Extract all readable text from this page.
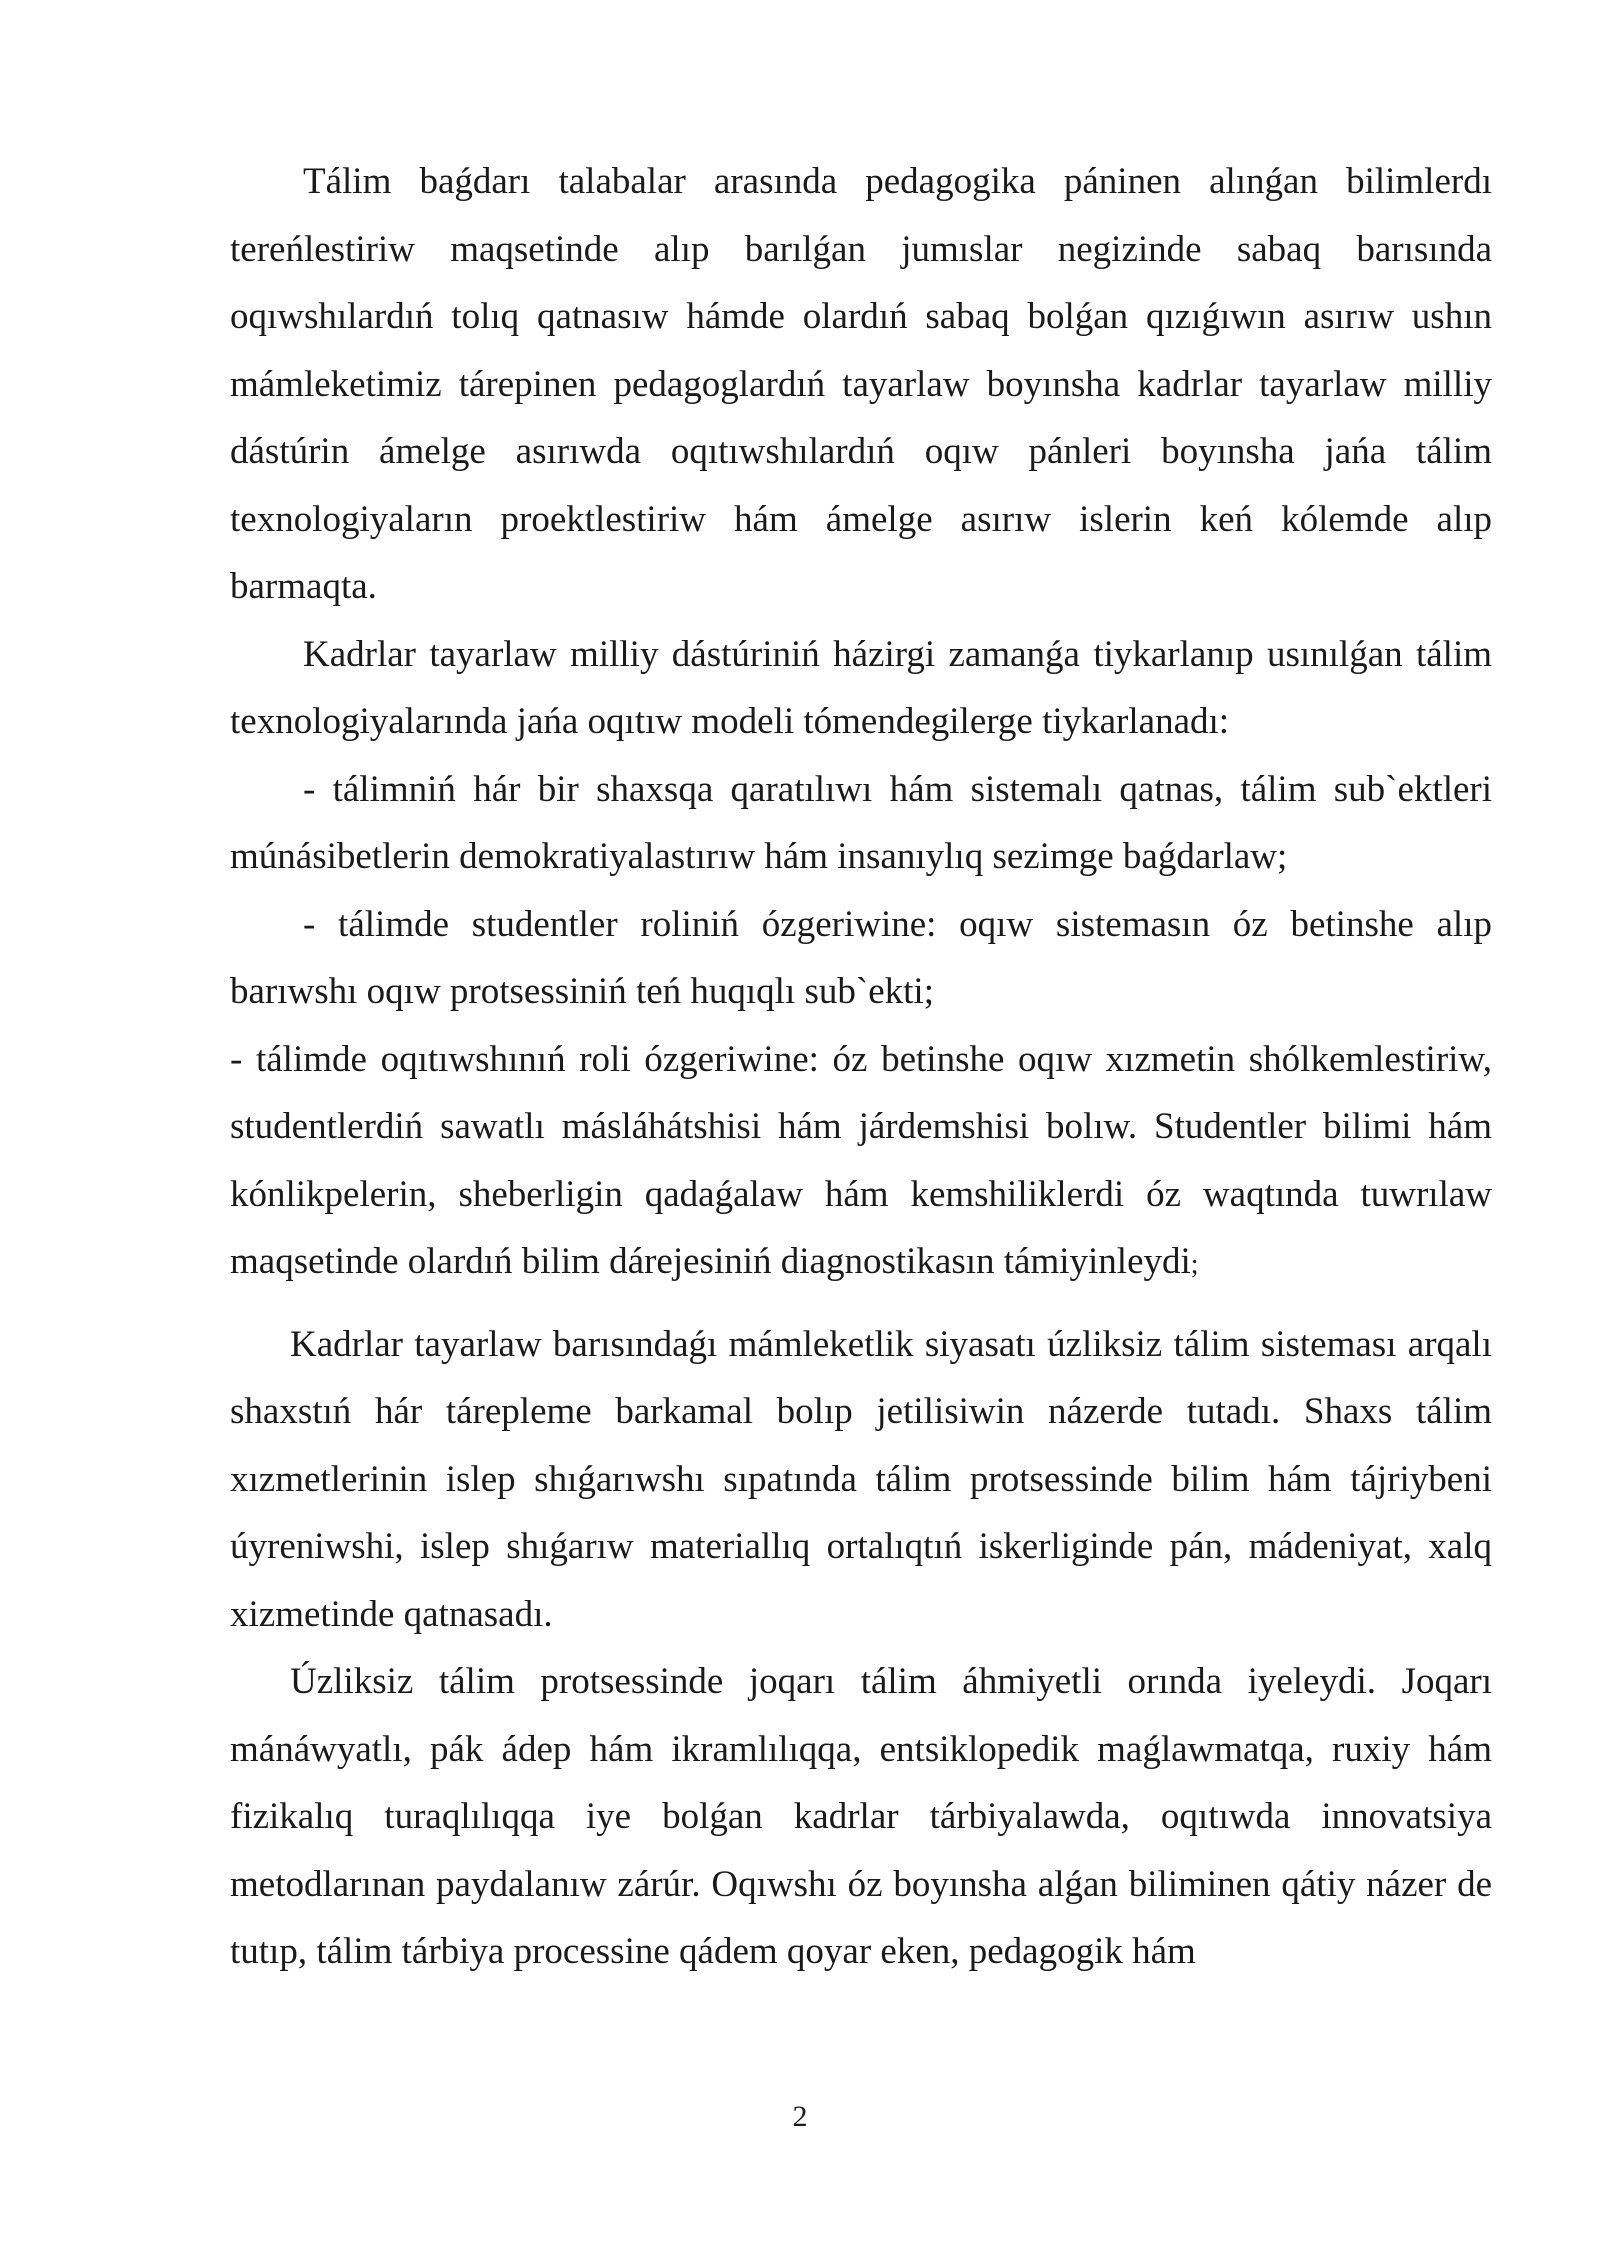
Tálim baǵdarı talabalar arasında pedagogika páninen alınǵan bilimlerdı tereńlestiriw maqsetinde alıp barılǵan jumıslar negizinde sabaq barısında oqıwshılardıń tolıq qatnasıw hámde olardıń sabaq bolǵan qızıǵıwın asırıw ushın mámleketimiz tárepinen pedagoglardıń tayarlaw boyınsha kadrlar tayarlaw milliy dástúrin ámelge asırıwda oqıtıwshılardıń oqıw pánleri boyınsha jańa tálim texnologiyaların proektlestiriw hám ámelge asırıw islerin keń kólemde alıp barmaqta.

Kadrlar tayarlaw milliy dástúriniń házirgi zamanǵa tiykarlanıp usınılǵan tálim texnologiyalarında jańa oqıtıw modeli tómendegilerge tiykarlanadı:

- tálimniń hár bir shaxsqa qaratılıwı hám sistemalı qatnas, tálim sub`ektleri múnásibetlerin demokratiyalastırıw hám insanıylıq sezimge baǵdarlaw;

- tálimde studentler roliniń ózgeriwine: oqıw sistemasın óz betinshe alıp barıwshı oqıw protsessiniń teń huqıqlı sub`ekti;

- tálimde oqıtıwshınıń roli ózgeriwine: óz betinshe oqıw xızmetin shólkemlestiriw, studentlerdiń sawatlı másláhátshisi hám járdemshisi bolıw. Studentler bilimi hám kónlikpelerin, sheberligin qadaǵalaw hám kemshiliklerdi óz waqtında tuwrılaw maqsetinde olardıń bilim dárejesiniń diagnostikasın támiyinleydi;

Kadrlar tayarlaw barısındaǵı mámleketlik siyasatı úzliksiz tálim sisteması arqalı shaxstıń hár tárepleme barkamal bolıp jetilisiwin názerde tutadı. Shaxs tálim xızmetlerinin islep shıǵarıwshı sıpatında tálim protsessinde bilim hám tájriybeni úyreniwshi, islep shıǵarıw materiallıq ortalıqtıń iskerliginde pán, mádeniyat, xalq xizmetinde qatnasadı.

Úzliksiz tálim protsessinde joqarı tálim áhmiyetli orında iyeleydi. Joqarı mánáwyatlı, pák ádep hám ikramlılıqqa, entsiklopedik maǵlawmatqa, ruxiy hám fizikalıq turaqlılıqqa iye bolǵan kadrlar tárbiyalawda, oqıtıwda innovatsiya metodlarınan paydalanıw zárúr. Oqıwshı óz boyınsha alǵan biliminen qátiy názer de tutıp, tálim tárbiya processine qádem qoyar eken, pedagogik hám

2
